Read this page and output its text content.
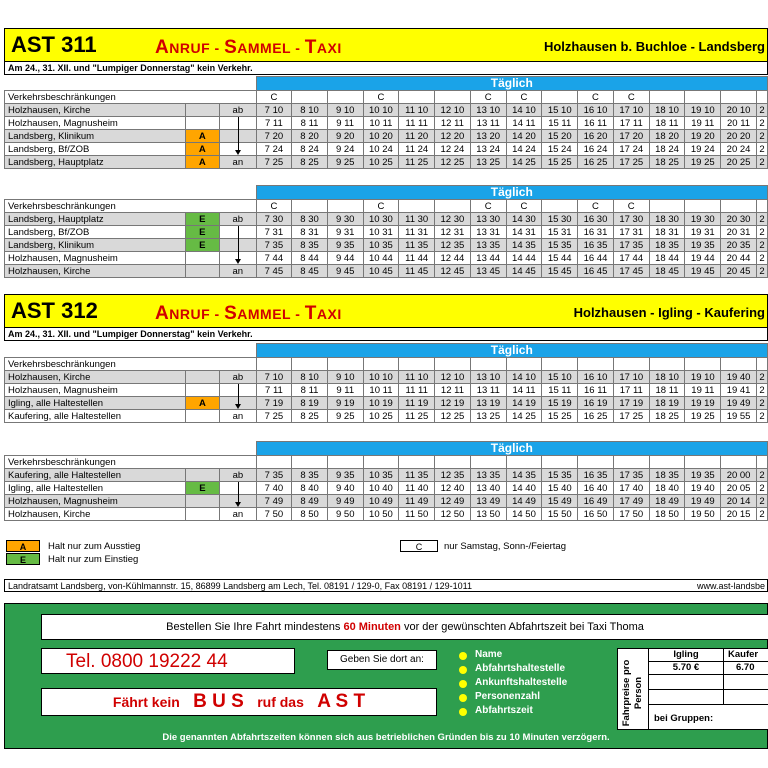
AST 311	ANRUF - SAMMEL - TAXI	Holzhausen b. Buchloe - Landsberg
Am 24., 31. XII. und "Lumpiger Donnerstag" kein Verkehr.
			Täglich														
Verkehrsbeschränkungen			C			C			C	C		C	C				
Holzhausen, Kirche		ab	7 10	8 10	9 10	10 10	11 10	12 10	13 10	14 10	15 10	16 10	17 10	18 10	19 10	20 10	2
Holzhausen, Magnusheim			7 11	8 11	9 11	10 11	11 11	12 11	13 11	14 11	15 11	16 11	17 11	18 11	19 11	20 11	2
Landsberg, Klinikum	A		7 20	8 20	9 20	10 20	11 20	12 20	13 20	14 20	15 20	16 20	17 20	18 20	19 20	20 20	2
Landsberg, Bf/ZOB	A		7 24	8 24	9 24	10 24	11 24	12 24	13 24	14 24	15 24	16 24	17 24	18 24	19 24	20 24	2
Landsberg, Hauptplatz	A	an	7 25	8 25	9 25	10 25	11 25	12 25	13 25	14 25	15 25	16 25	17 25	18 25	19 25	20 25	2
			Täglich														
Verkehrsbeschränkungen			C			C			C	C		C	C				
Landsberg, Hauptplatz	E	ab	7 30	8 30	9 30	10 30	11 30	12 30	13 30	14 30	15 30	16 30	17 30	18 30	19 30	20 30	2
Landsberg, Bf/ZOB	E		7 31	8 31	9 31	10 31	11 31	12 31	13 31	14 31	15 31	16 31	17 31	18 31	19 31	20 31	2
Landsberg, Klinikum	E		7 35	8 35	9 35	10 35	11 35	12 35	13 35	14 35	15 35	16 35	17 35	18 35	19 35	20 35	2
Holzhausen, Magnusheim			7 44	8 44	9 44	10 44	11 44	12 44	13 44	14 44	15 44	16 44	17 44	18 44	19 44	20 44	2
Holzhausen, Kirche		an	7 45	8 45	9 45	10 45	11 45	12 45	13 45	14 45	15 45	16 45	17 45	18 45	19 45	20 45	2
AST 312	ANRUF - SAMMEL - TAXI	Holzhausen - Igling - Kaufering
Am 24., 31. XII. und "Lumpiger Donnerstag" kein Verkehr.
			Täglich														
Verkehrsbeschränkungen																	
Holzhausen, Kirche		ab	7 10	8 10	9 10	10 10	11 10	12 10	13 10	14 10	15 10	16 10	17 10	18 10	19 10	19 40	2
Holzhausen, Magnusheim			7 11	8 11	9 11	10 11	11 11	12 11	13 11	14 11	15 11	16 11	17 11	18 11	19 11	19 41	2
Igling, alle Haltestellen	A		7 19	8 19	9 19	10 19	11 19	12 19	13 19	14 19	15 19	16 19	17 19	18 19	19 19	19 49	2
Kaufering, alle Haltestellen		an	7 25	8 25	9 25	10 25	11 25	12 25	13 25	14 25	15 25	16 25	17 25	18 25	19 25	19 55	2
			Täglich														
Verkehrsbeschränkungen																	
Kaufering, alle Haltestellen		ab	7 35	8 35	9 35	10 35	11 35	12 35	13 35	14 35	15 35	16 35	17 35	18 35	19 35	20 00	2
Igling, alle Haltestellen	E		7 40	8 40	9 40	10 40	11 40	12 40	13 40	14 40	15 40	16 40	17 40	18 40	19 40	20 05	2
Holzhausen, Magnusheim			7 49	8 49	9 49	10 49	11 49	12 49	13 49	14 49	15 49	16 49	17 49	18 49	19 49	20 14	2
Holzhausen, Kirche		an	7 50	8 50	9 50	10 50	11 50	12 50	13 50	14 50	15 50	16 50	17 50	18 50	19 50	20 15	2
A	Halt nur zum Ausstieg
E	Halt nur zum Einstieg
C	nur Samstag, Sonn-/Feiertag
Landratsamt Landsberg, von-Kühlmannstr. 15, 86899 Landsberg am Lech, Tel. 08191 / 129-0, Fax 08191 / 129-1011	www.ast-landsbe
Bestellen Sie Ihre Fahrt mindestens 60 Minuten vor der gewünschten Abfahrtszeit bei Taxi Thoma
Tel. 0800 19222 44	Geben Sie dort an:
Fährt kein B U S ruf das A S T
Name
Abfahrtshaltestelle
Ankunftshaltestelle
Personenzahl
Abfahrtszeit	Fahrpreise pro Person
Igling	Kaufer
5.70 €	6.70
bei Gruppen:
Die genannten Abfahrtszeiten können sich aus betrieblichen Gründen bis zu 10 Minuten verzögern.
